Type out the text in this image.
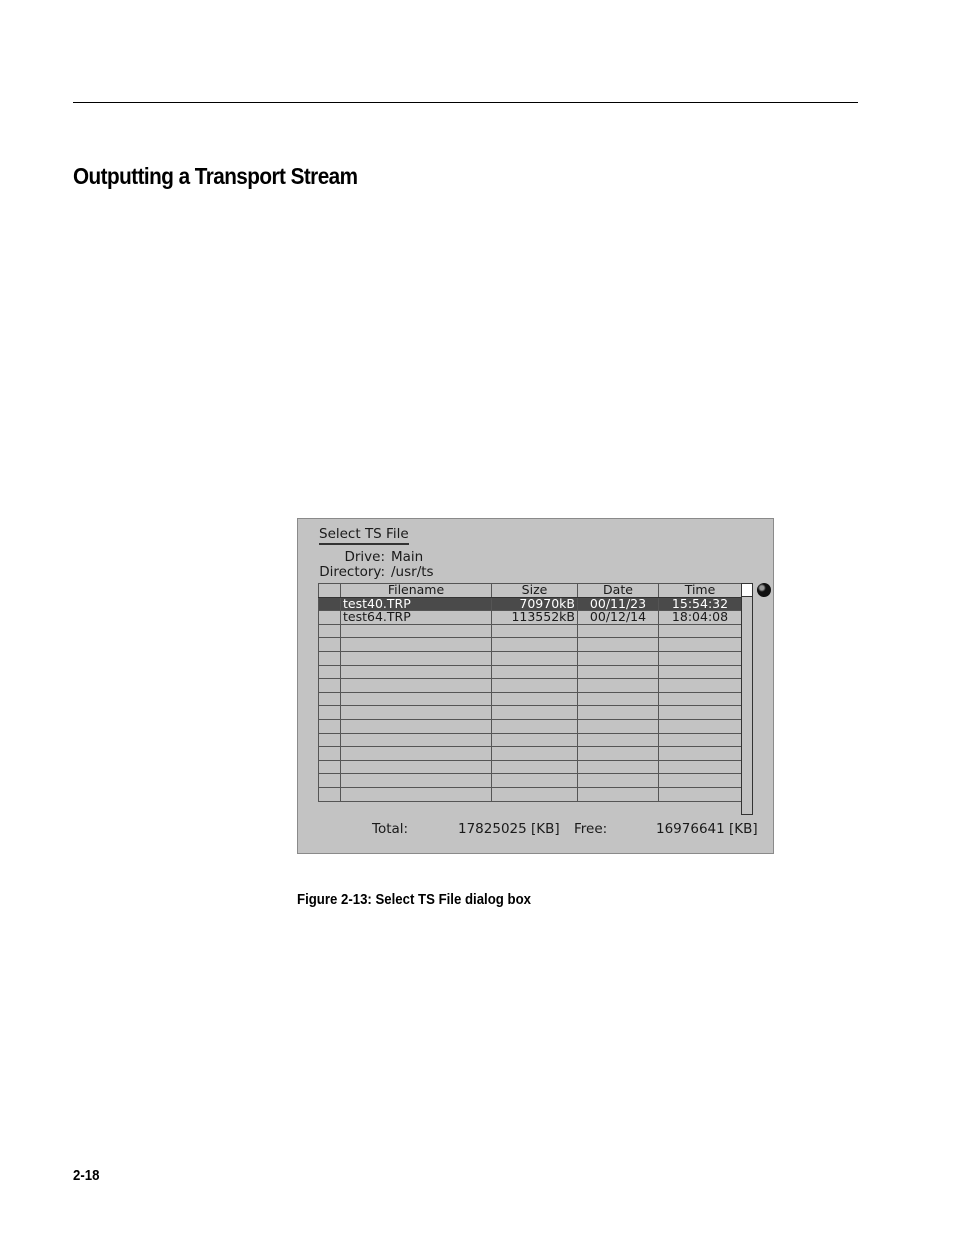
Outputting a Transport Stream
Select TS File
Drive: Main
Directory: /usr/ts
	Filename	Size	Date	Time
	test40.TRP	70970kB	00/11/23	15:54:32
	test64.TRP	113552kB	00/12/14	18:04:08

Total:	17825025 [KB] Free:	16976641 [KB]

Figure 2-13: Select TS File dialog box

2-18
